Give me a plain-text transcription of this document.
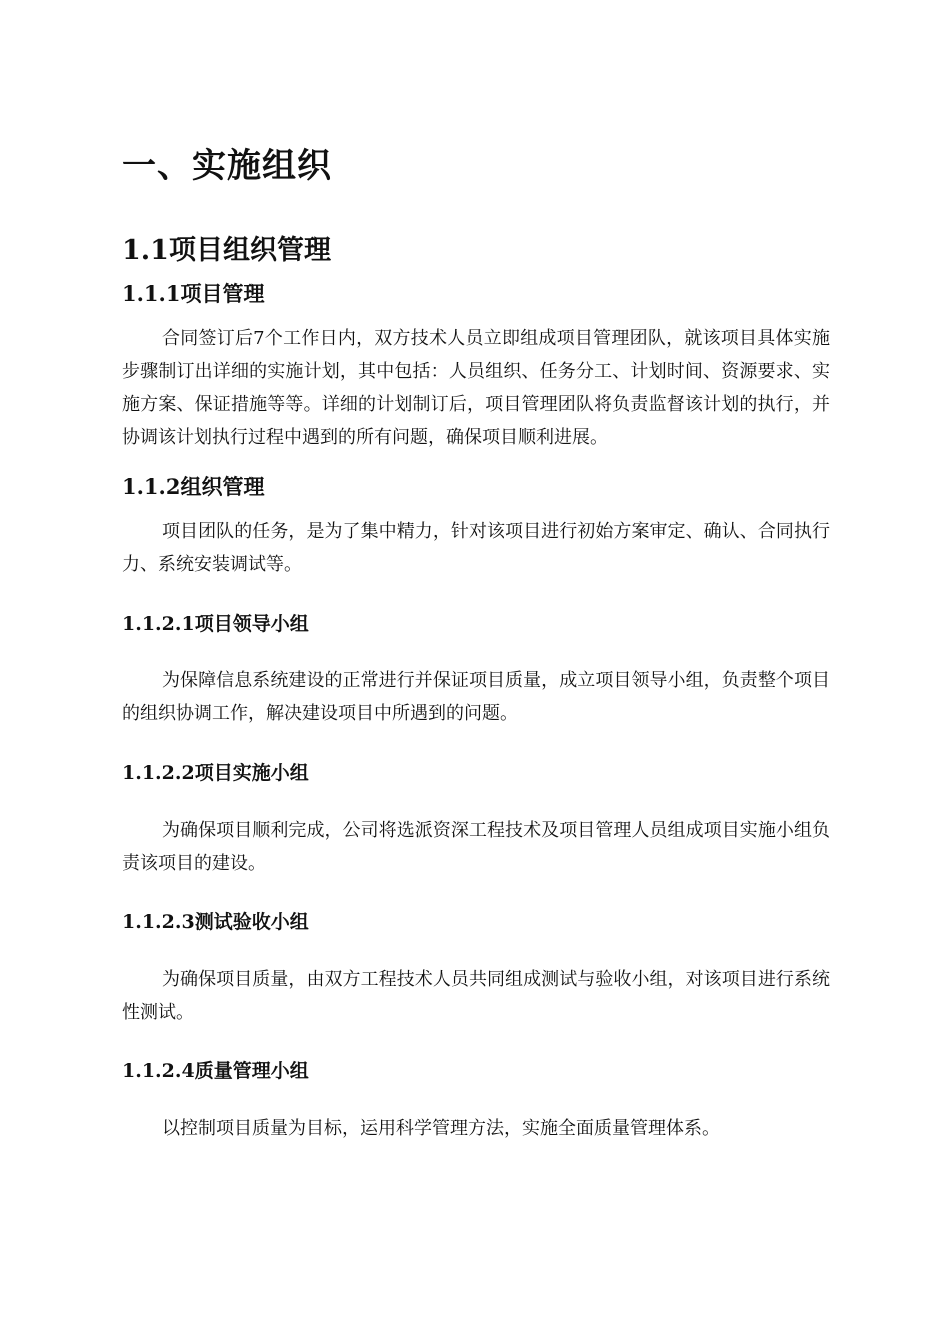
一、实施组织
1.1项目组织管理
1.1.1项目管理

合同签订后7个工作日内，双方技术人员立即组成项目管理团队，就该项目具体实施步骤制订出详细的实施计划，其中包括：人员组织、任务分工、计划时间、资源要求、实施方案、保证措施等等。详细的计划制订后，项目管理团队将负责监督该计划的执行，并协调该计划执行过程中遇到的所有问题，确保项目顺利进展。

1.1.2组织管理

项目团队的任务，是为了集中精力，针对该项目进行初始方案审定、确认、合同执行力、系统安装调试等。

1.1.2.1项目领导小组

为保障信息系统建设的正常进行并保证项目质量，成立项目领导小组，负责整个项目的组织协调工作，解决建设项目中所遇到的问题。

1.1.2.2项目实施小组

为确保项目顺利完成，公司将选派资深工程技术及项目管理人员组成项目实施小组负责该项目的建设。

1.1.2.3测试验收小组

为确保项目质量，由双方工程技术人员共同组成测试与验收小组，对该项目进行系统性测试。

1.1.2.4质量管理小组

以控制项目质量为目标，运用科学管理方法，实施全面质量管理体系。
